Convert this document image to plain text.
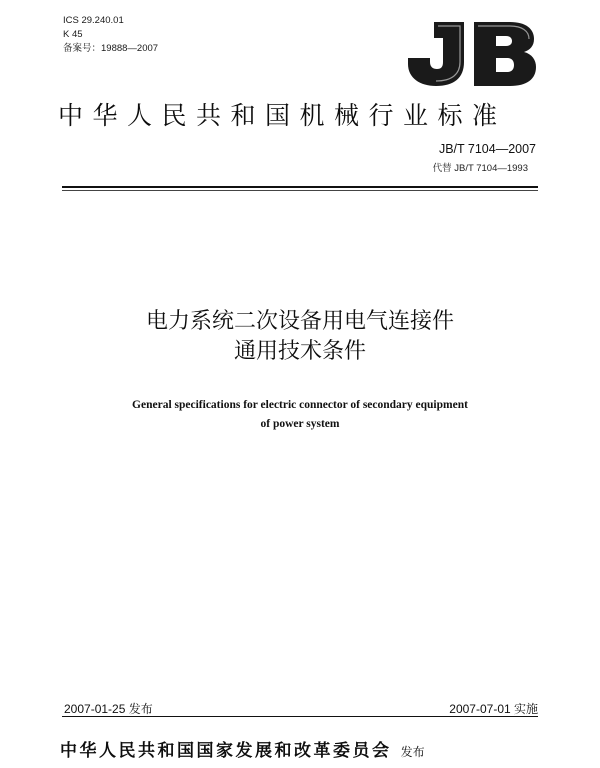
ICS 29.240.01
K 45
备案号：19888—2007
中华人民共和国机械行业标准
JB/T 7104—2007
代替 JB/T 7104—1993
电力系统二次设备用电气连接件
通用技术条件
General specifications for electric connector of secondary equipment
of power system
2007-01-25 发布	2007-07-01 实施
中华人民共和国国家发展和改革委员会 发布
